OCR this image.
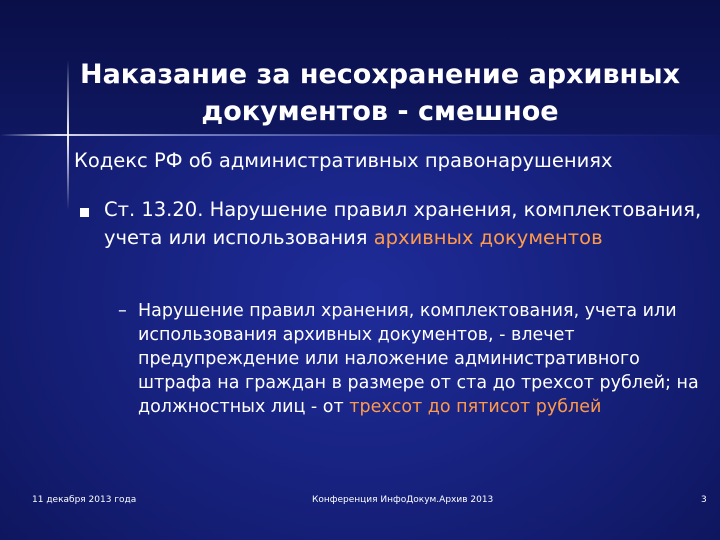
Наказание за несохранение архивных
документов - смешное

Кодекс РФ об административных правонарушениях

Ст. 13.20. Нарушение правил хранения, комплектования, учета или использования архивных документов

– Нарушение правил хранения, комплектования, учета или использования архивных документов, - влечет предупреждение или наложение административного штрафа на граждан в размере от ста до трехсот рублей; на должностных лиц - от трехсот до пятисот рублей

11 декабря 2013 года	Конференция ИнфоДокум.Архив 2013	3
